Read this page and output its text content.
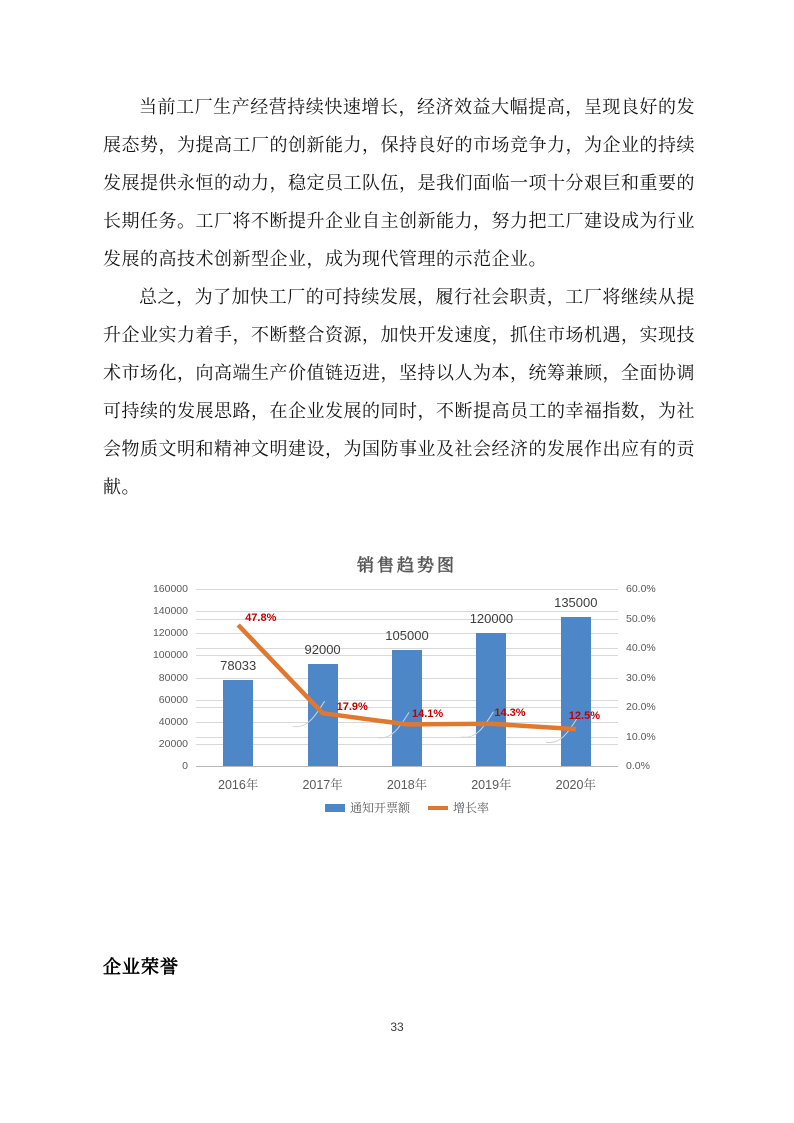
当前工厂生产经营持续快速增长，经济效益大幅提高，呈现良好的发展态势，为提高工厂的创新能力，保持良好的市场竞争力，为企业的持续发展提供永恒的动力，稳定员工队伍，是我们面临一项十分艰巨和重要的长期任务。工厂将不断提升企业自主创新能力，努力把工厂建设成为行业发展的高技术创新型企业，成为现代管理的示范企业。

总之，为了加快工厂的可持续发展，履行社会职责，工厂将继续从提升企业实力着手，不断整合资源，加快开发速度，抓住市场机遇，实现技术市场化，向高端生产价值链迈进，坚持以人为本，统筹兼顾，全面协调可持续的发展思路，在企业发展的同时，不断提高员工的幸福指数，为社会物质文明和精神文明建设，为国防事业及社会经济的发展作出应有的贡献。

销售趋势图
通知开票额	增长率
160000
140000
120000
100000
80000
60000
40000
20000
0
60.0%
50.0%
40.0%
30.0%
20.0%
10.0%
0.0%
2016年	2017年	2018年	2019年	2020年
78033
92000
105000
120000
135000
47.8%
17.9%
14.1%	14.3%	12.5%
企业荣誉
33
